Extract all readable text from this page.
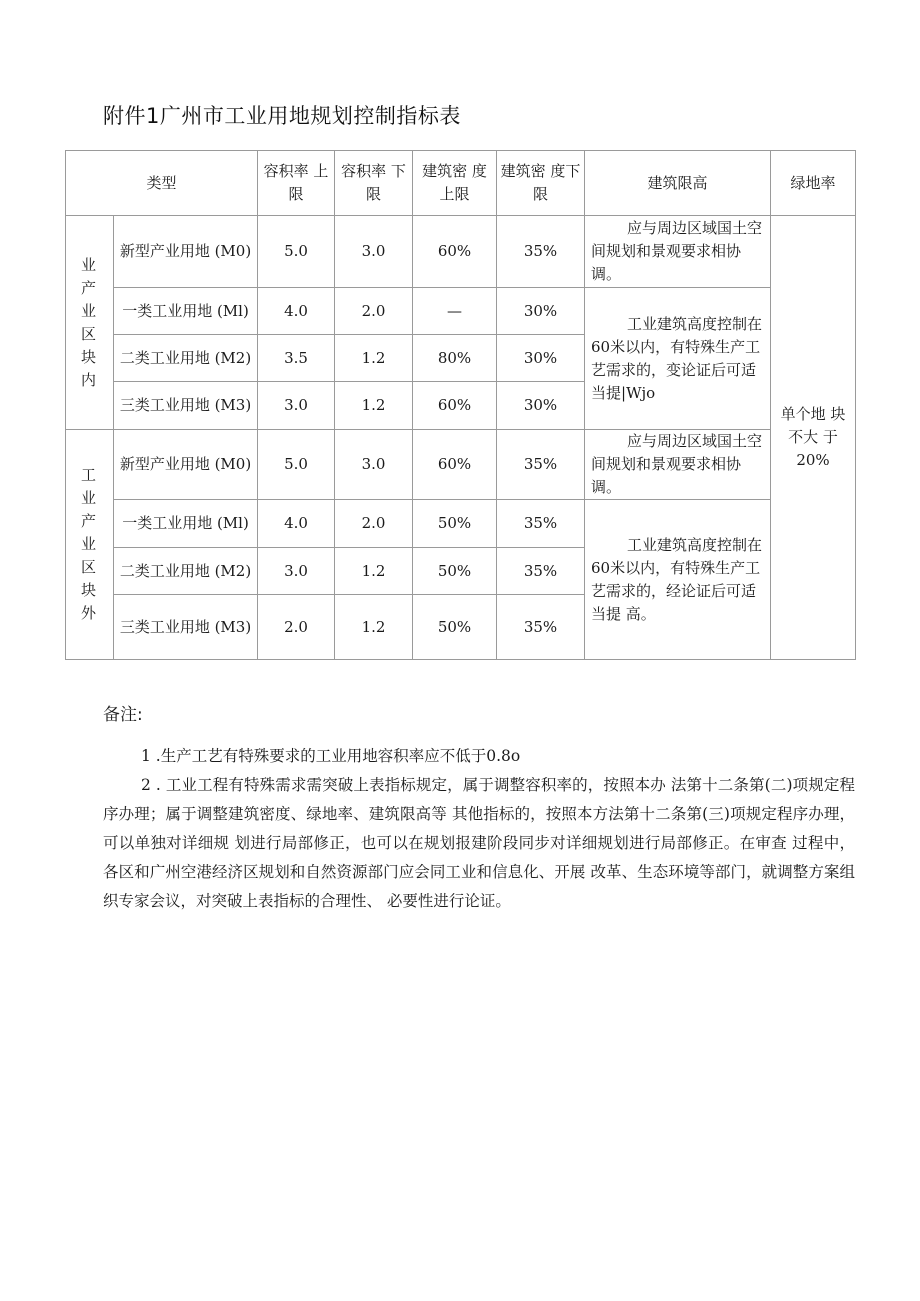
附件1广州市工业用地规划控制指标表
类型		容积率 上限	容积率 下限	建筑密 度上限	建筑密 度下限	建筑限高	绿地率
业 产 业 区 块 内	新型产业用地 (M0)	5.0	3.0	60%	35%	应与周边区域国土空间规划和景观要求相协调。	单个地 块不大 于 20%
	一类工业用地 (Ml)	4.0	2.0	—	30%	工业建筑高度控制在60米以内，有特殊生产工艺需求的，变论证后可适当提|Wjo	

	二类工业用地 (M2)	3.5	1.2	80%	30%		
	三类工业用地 (M3)	3.0	1.2	60%	30%		
工 业 产 业 区 块 外	新型产业用地 (M0)	5.0	3.0	60%	35%	应与周边区域国土空间规划和景观要求相协调。	

	一类工业用地 (Ml)	4.0	2.0	50%	35%	工业建筑高度控制在60米以内，有特殊生产工艺需求的，经论证后可适当提 高。	

	二类工业用地 (M2)	3.0	1.2	50%	35%		
	三类工业用地 (M3)	2.0	1.2	50%	35%		
备注:

1 .生产工艺有特殊要求的工业用地容积率应不低于0.8o

2 . 工业工程有特殊需求需突破上表指标规定，属于调整容积率的，按照本办 法第十二条第(二)项规定程序办理；属于调整建筑密度、绿地率、建筑限高等 其他指标的，按照本方法第十二条第(三)项规定程序办理，可以单独对详细规 划进行局部修正，也可以在规划报建阶段同步对详细规划进行局部修正。在审查 过程中，各区和广州空港经济区规划和自然资源部门应会同工业和信息化、开展 改革、生态环境等部门，就调整方案组织专家会议，对突破上表指标的合理性、 必要性进行论证。
